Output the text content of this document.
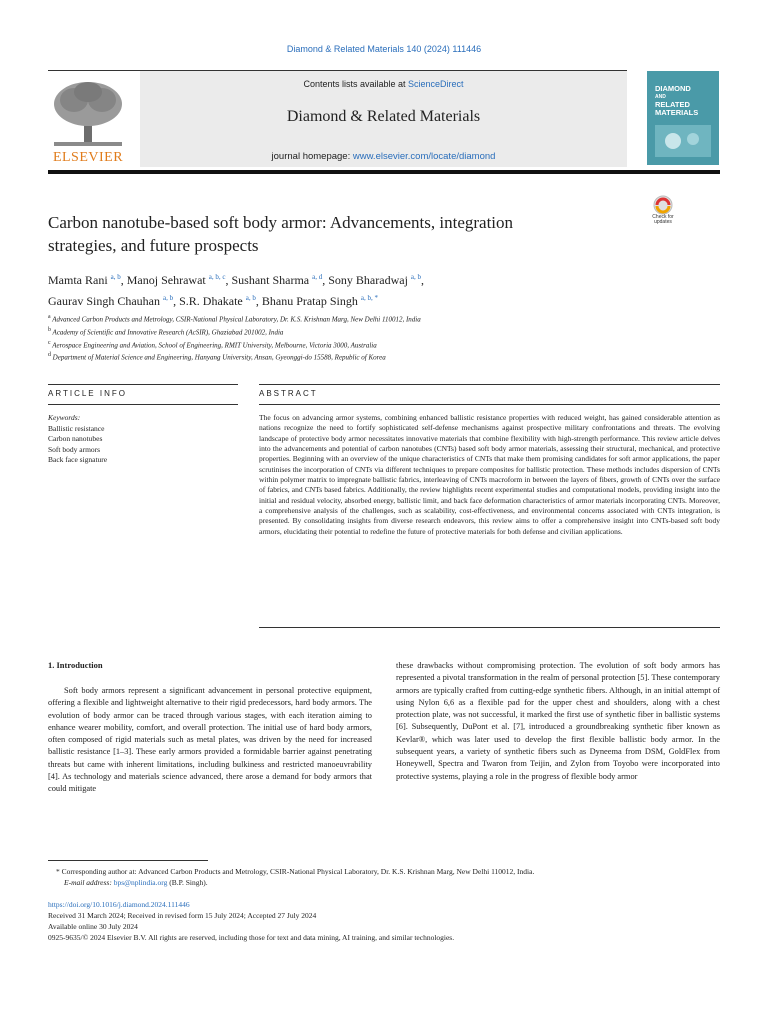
Diamond & Related Materials 140 (2024) 111446
ELSEVIER
Contents lists available at ScienceDirect
Diamond & Related Materials
journal homepage: www.elsevier.com/locate/diamond
DIAMOND
AND
RELATED
MATERIALS
Check for updates
Carbon nanotube-based soft body armor: Advancements, integration
strategies, and future prospects
Mamta Rani $^{a, b}$, Manoj Sehrawat $^{a, b, c}$, Sushant Sharma $^{a, d}$, Sony Bharadwaj $^{a, b}$,
Gaurav Singh Chauhan $^{a, b}$, S.R. Dhakate $^{a, b}$, Bhanu Pratap Singh $^{a, b, *}$
$^a$ Advanced Carbon Products and Metrology, CSIR-National Physical Laboratory, Dr. K.S. Krishnan Marg, New Delhi 110012, India
$^b$ Academy of Scientific and Innovative Research (AcSIR), Ghaziabad 201002, India
$^c$ Aerospace Engineering and Aviation, School of Engineering, RMIT University, Melbourne, Victoria 3000, Australia
$^d$ Department of Material Science and Engineering, Hanyang University, Ansan, Gyeonggi-do 15588, Republic of Korea
ARTICLE INFO	ABSTRACT
Keywords:
Ballistic resistance
Carbon nanotubes
Soft body armors
Back face signature
The focus on advancing armor systems, combining enhanced ballistic resistance properties with reduced weight, has gained considerable attention as nations recognize the need to fortify sophisticated self-defense mechanisms against prospective military confrontations and threats. The evolving landscape of protective body armor necessitates innovative materials that combine flexibility with high-strength performance. This review article delves into the advancements and potential of carbon nanotubes (CNTs) based soft body armor materials, assessing their structural, mechanical, and protective properties. Beginning with an overview of the unique characteristics of CNTs that make them promising candidates for soft armor applications, the paper scrutinises the incorporation of CNTs via different techniques to prepare composites for ballistic protection. These methods includes dispersion of CNTs within polymer matrix to impregnate ballistic fabrics, interleaving of CNTs macroform in between the layers of fibers, growth of CNTs over the surface of fabrics, and CNTs based fabrics. Additionally, the review highlights recent experimental studies and computational models, providing insight into the initial and residual velocity, absorbed energy, ballistic limit, and back face deformation characteristics of armor materials incorporating CNTs. Moreover, a comprehensive analysis of the challenges, such as scalability, cost-effectiveness, and environmental concerns associated with CNTs integration, is presented. By consolidating insights from diverse research endeavors, this review aims to offer a comprehensive insight into CNTs-based soft body armors, elucidating their potential to redefine the future of protective materials for both defense and civilian applications.
1. Introduction
Soft body armors represent a significant advancement in personal protective equipment, offering a flexible and lightweight alternative to their rigid predecessors, hard body armors. The evolution of body armor can be traced through various stages, with each iteration aiming to enhance wearer mobility, comfort, and overall protection. The initial use of hard body armors, often composed of rigid materials such as metal plates, was driven by the need for increased ballistic resistance [1–3]. These early armors provided a formidable barrier against penetrating threats but came with inherent limitations, including bulkiness and restricted manoeuvrability [4]. As technology and materials science advanced, there arose a demand for body armors that could mitigate
these drawbacks without compromising protection. The evolution of soft body armors has represented a pivotal transformation in the realm of personal protection [5]. These contemporary armors are typically crafted from cutting-edge synthetic fibers. Although, in an initial attempt of using Nylon 6,6 as a flexible pad for the upper chest and shoulders, along with a chest protection plate, was not successful, it marked the first use of synthetic fiber in ballistic systems [6]. Subsequently, DuPont et al. [7], introduced a groundbreaking synthetic fiber known as Kevlar®, which was later used to develop the first flexible ballistic body armor. In the subsequent years, a variety of synthetic fibers such as Dyneema from DSM, GoldFlex from Honeywell, Spectra and Twaron from Teijin, and Zylon from Toyobo were incorporated into protective systems, playing a role in the progress of flexible body armor
* Corresponding author at: Advanced Carbon Products and Metrology, CSIR-National Physical Laboratory, Dr. K.S. Krishnan Marg, New Delhi 110012, India.
E-mail address: bps@nplindia.org (B.P. Singh).
https://doi.org/10.1016/j.diamond.2024.111446
Received 31 March 2024; Received in revised form 15 July 2024; Accepted 27 July 2024
Available online 30 July 2024
0925-9635/© 2024 Elsevier B.V. All rights are reserved, including those for text and data mining, AI training, and similar technologies.
